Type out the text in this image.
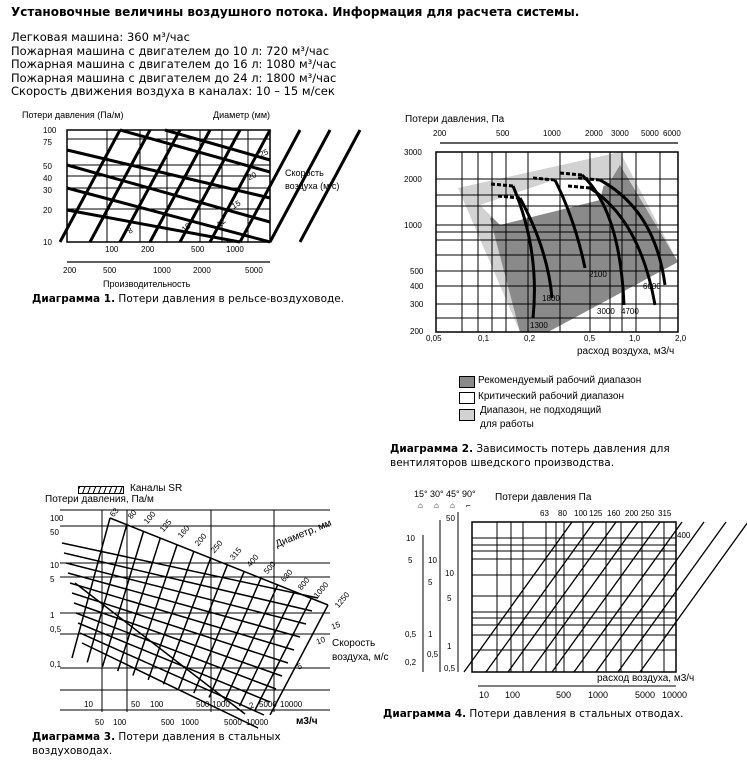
Установочные величины воздушного потока. Информация для расчета системы.
Легковая машина: 360 м³/час
Пожарная машина с двигателем до 10 л: 720 м³/час
Пожарная машина с двигателем до 16 л: 1080 м³/час
Пожарная машина с двигателем до 24 л: 1800 м³/час
Скорость движения воздуха в каналах: 10 – 15 м/сек
Потери давления (Па/м)	Диаметр (мм)
Скорость
воздуха (м/с)
Производительность
Диаграмма 1. Потери давления в рельсе-воздуховоде.
Потери давления, Па
расход воздуха, м3/ч
Рекомендуемый рабочий диапазон
Критический рабочий диапазон
Диапазон, не подходящий
для работы
Диаграмма 2. Зависимость потерь давления для
вентиляторов шведского производства.
Каналы SR
Потери давления, Па/м
Диаметр, мм
Скорость
воздуха, м/с
м3/ч
Диаграмма 3. Потери давления в стальных
воздуховодах.
Потери давления Па
расход воздуха, м3/ч
Диаграмма 4. Потери давления в стальных отводах.
100
75
50
40
30
20
10
100	200	500	1000
200	500	1000	2000	5000
8	10	12
15
20
25	3000
2000
1000
500
400
300
200
0,05	0,1	0,2	0,5	1,0	2,0
200	500	1000	2000 3000 5000 6000
1300
1800
2100
3000 4700
6000
100
50
10
5
1
0,5
0,1
63 80 100 125 160 200 250 315 400 500 630 800 1000
1250
15
10
5
2
10	50 100	500 1000	5000 10000
50 100	500 1000	5000 10000
15° 30° 45° 90°
⌂ ⌂ ⌂ ⌐
63 80 100 125 160 200 250 315
400
10
5
0,5
0,2
10
5
1
0,5
50
10
5
1
0,5
10 100	500 1000	5000 10000
